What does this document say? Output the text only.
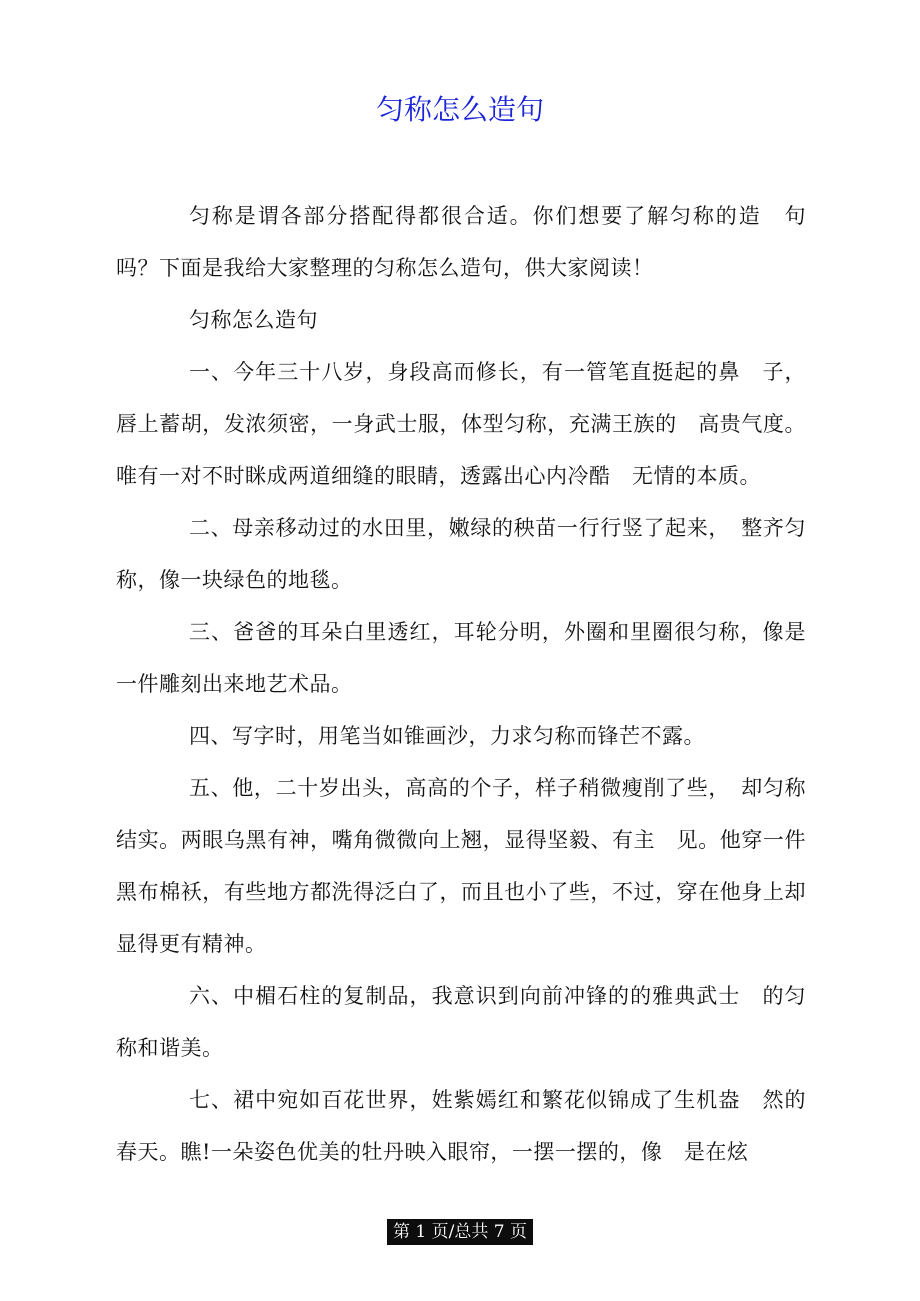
匀称怎么造句

匀称是谓各部分搭配得都很合适。你们想要了解匀称的造　句吗？下面是我给大家整理的匀称怎么造句，供大家阅读！

匀称怎么造句

一、今年三十八岁，身段高而修长，有一管笔直挺起的鼻　子，唇上蓄胡，发浓须密，一身武士服，体型匀称，充满王族的　高贵气度。唯有一对不时眯成两道细缝的眼睛，透露出心内冷酷　无情的本质。

二、母亲移动过的水田里，嫩绿的秧苗一行行竖了起来，　整齐匀称，像一块绿色的地毯。

三、爸爸的耳朵白里透红，耳轮分明，外圈和里圈很匀称，像是一件雕刻出来地艺术品。

四、写字时，用笔当如锥画沙，力求匀称而锋芒不露。

五、他，二十岁出头，高高的个子，样子稍微瘦削了些，　却匀称结实。两眼乌黑有神，嘴角微微向上翘，显得坚毅、有主　见。他穿一件黑布棉袄，有些地方都洗得泛白了，而且也小了些，不过，穿在他身上却显得更有精神。

六、中楣石柱的复制品，我意识到向前冲锋的的雅典武士　的匀称和谐美。

七、裙中宛如百花世界，姓紫嫣红和繁花似锦成了生机盎　然的春天。瞧!一朵姿色优美的牡丹映入眼帘，一摆一摆的，像　是在炫

第 1 页/总共 7 页
